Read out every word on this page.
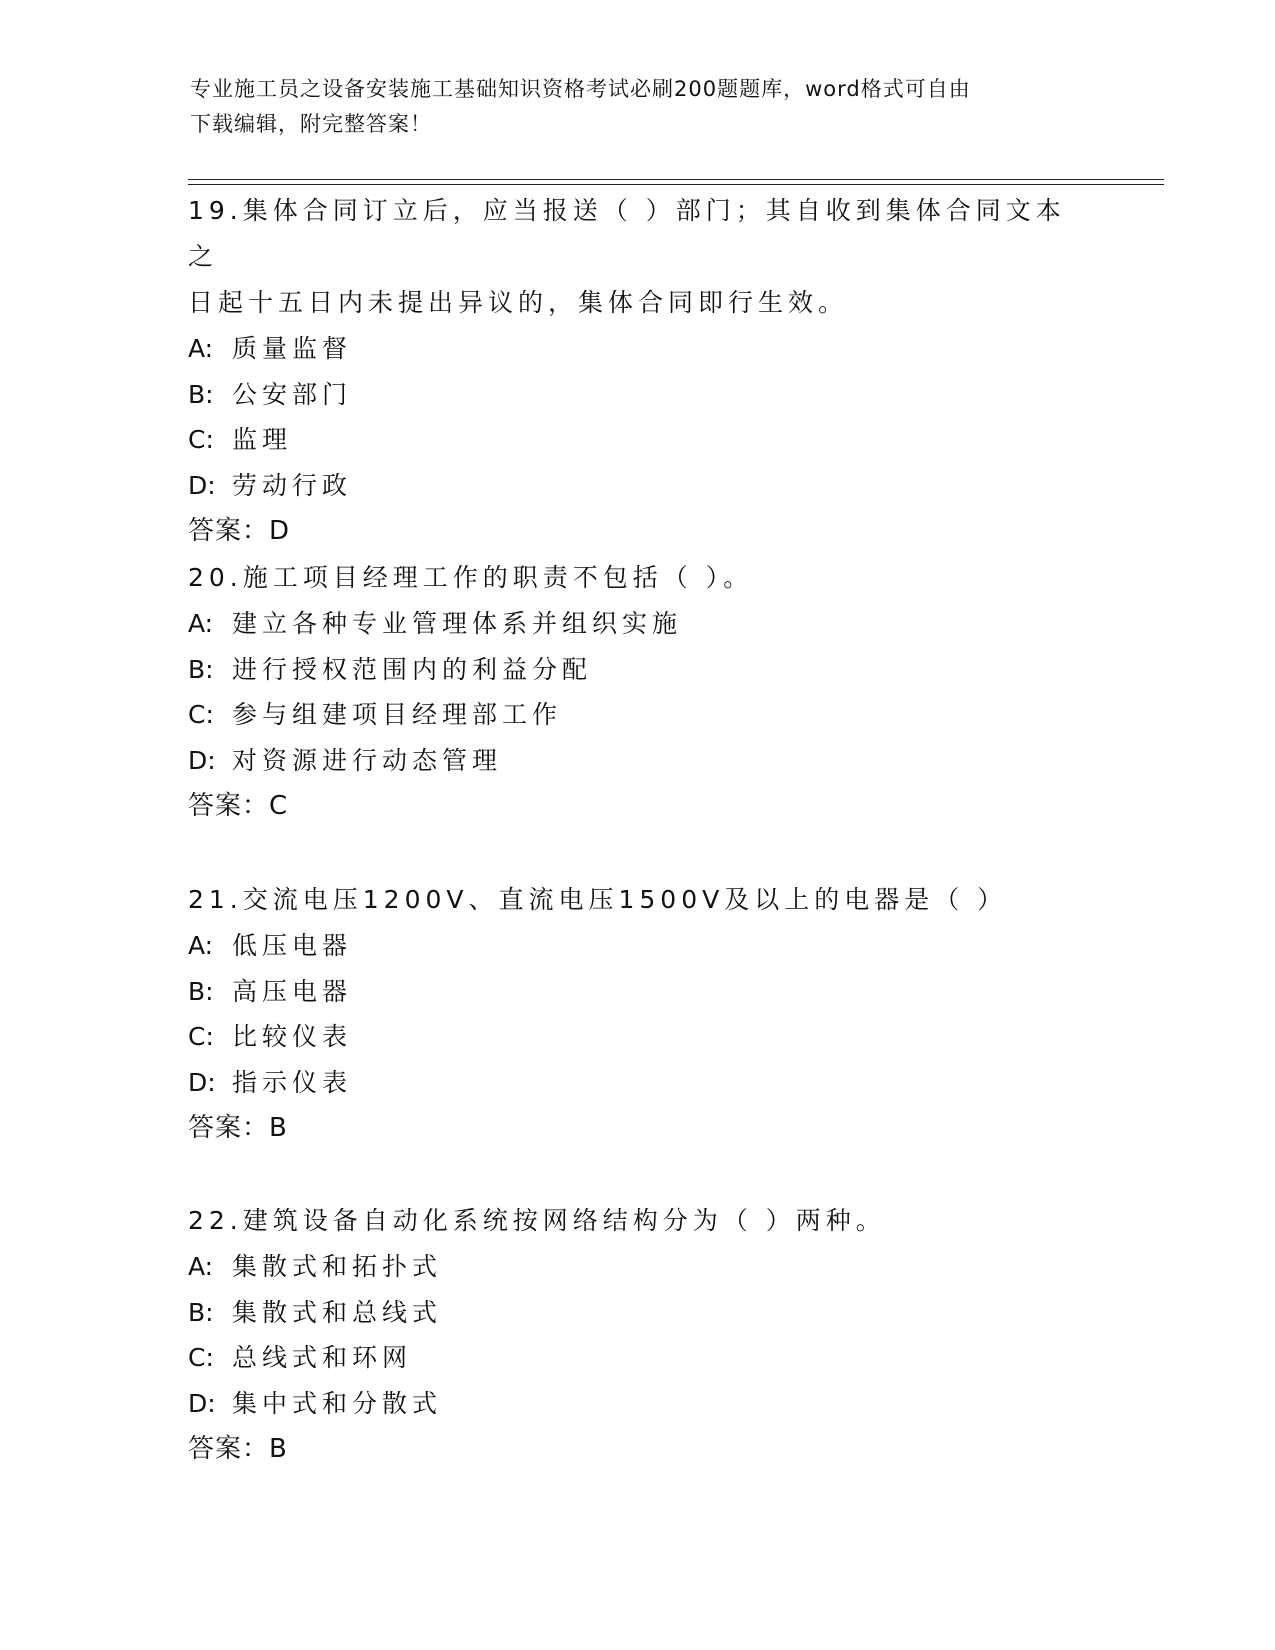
专业施工员之设备安装施工基础知识资格考试必刷200题题库，word格式可自由
下载编辑，附完整答案！

19.集体合同订立后，应当报送（ ）部门；其自收到集体合同文本之

日起十五日内未提出异议的，集体合同即行生效。

A: 质量监督

B: 公安部门

C: 监理

D: 劳动行政

答案：D

20.施工项目经理工作的职责不包括（ ）。

A: 建立各种专业管理体系并组织实施

B: 进行授权范围内的利益分配

C: 参与组建项目经理部工作

D: 对资源进行动态管理

答案：C

21.交流电压1200V、直流电压1500V及以上的电器是（ ）

A: 低压电器

B: 高压电器

C: 比较仪表

D: 指示仪表

答案：B

22.建筑设备自动化系统按网络结构分为（ ）两种。

A: 集散式和拓扑式

B: 集散式和总线式

C: 总线式和环网

D: 集中式和分散式

答案：B
